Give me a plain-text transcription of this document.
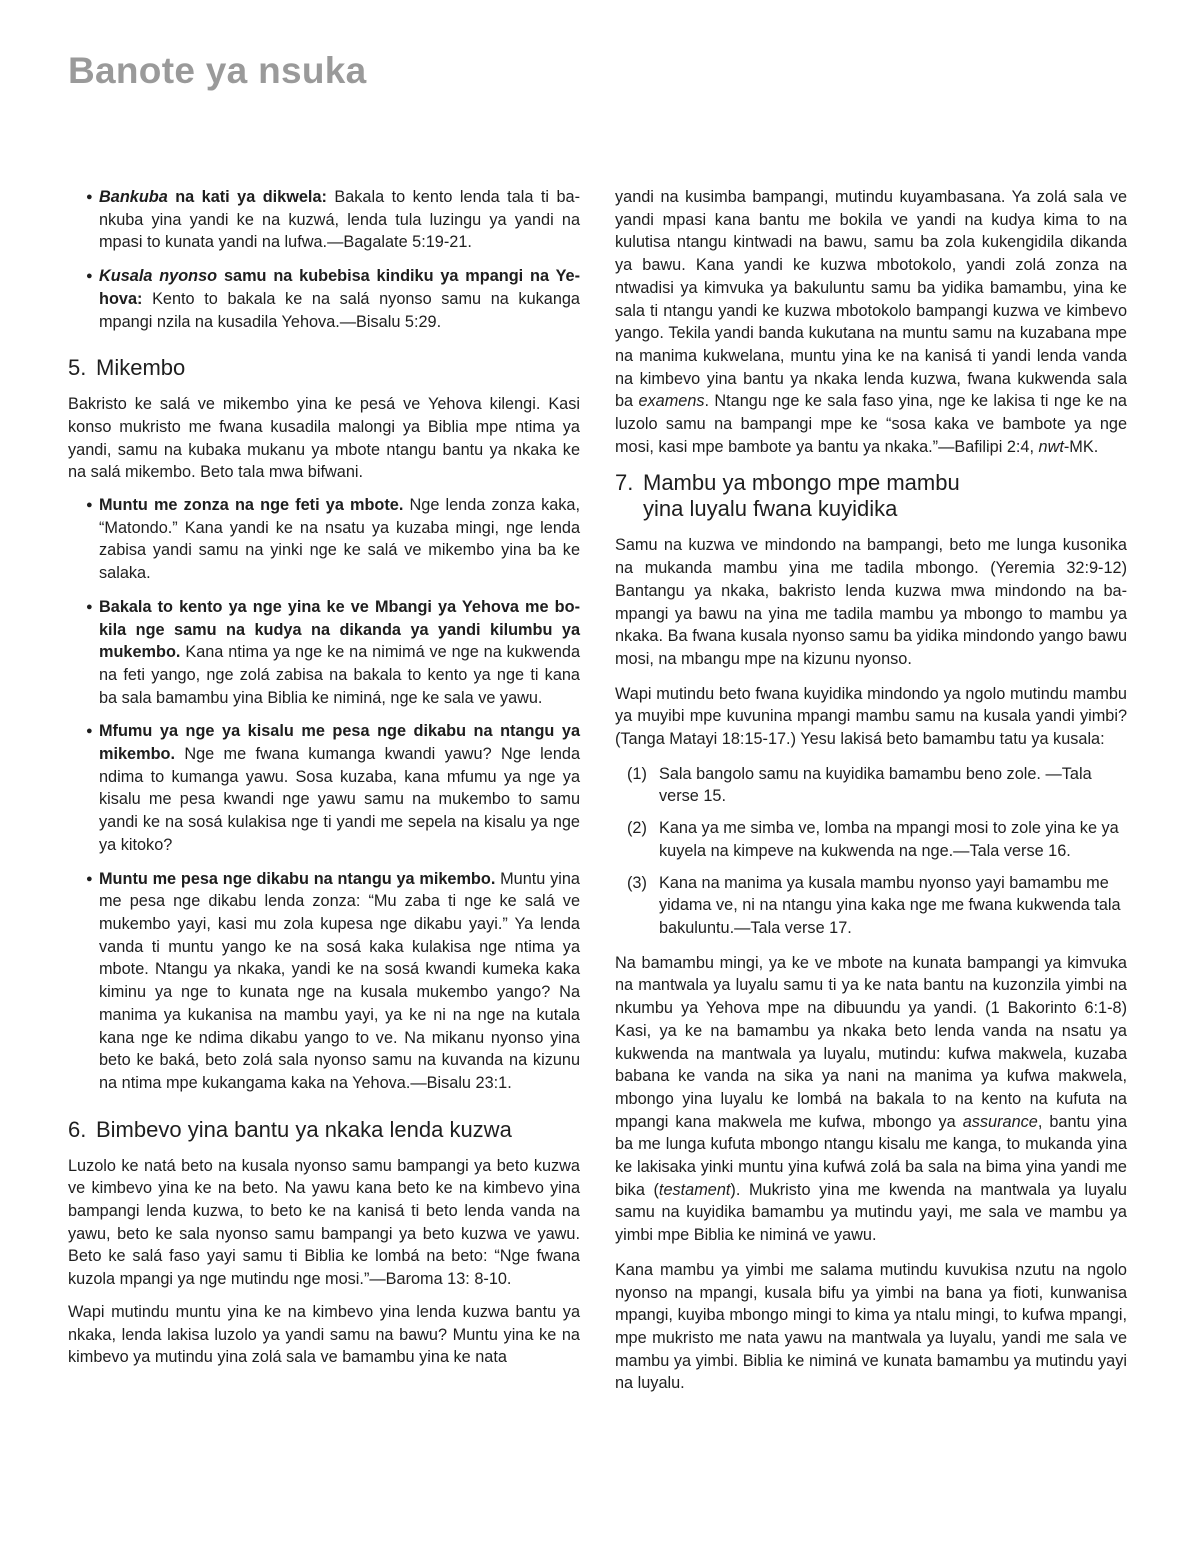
Banote ya nsuka
● Bankuba na kati ya dikwela: Bakala to kento lenda tala ti bankuba yina yandi ke na kuzwá, lenda tula luzingu ya yandi na mpasi to kunata yandi na lufwa.—Bagalate 5:19-21.
● Kusala nyonso samu na kubebisa kindiku ya mpangi na Yehova: Kento to bakala ke na salá nyonso samu na kukanga mpangi nzila na kusadila Yehova.—Bisalu 5:29.
5. Mikembo

Bakristo ke salá ve mikembo yina ke pesá ve Yehova kilengi. Kasi konso mukristo me fwana kusadila malongi ya Biblia mpe ntima ya yandi, samu na kubaka mukanu ya mbote ntangu bantu ya nkaka ke na salá mikembo. Beto tala mwa bifwani.

● Muntu me zonza na nge feti ya mbote. Nge lenda zonza kaka, “Matondo.” Kana yandi ke na nsatu ya kuzaba mingi, nge lenda zabisa yandi samu na yinki nge ke salá ve mikembo yina ba ke salaka.
● Bakala to kento ya nge yina ke ve Mbangi ya Yehova me bokila nge samu na kudya na dikanda ya yandi kilumbu ya mukembo. Kana ntima ya nge ke na nimimá ve nge na kukwenda na feti yango, nge zolá zabisa na bakala to kento ya nge ti kana ba sala bamambu yina Biblia ke niminá, nge ke sala ve yawu.
● Mfumu ya nge ya kisalu me pesa nge dikabu na ntangu ya mikembo. Nge me fwana kumanga kwandi yawu? Nge lenda ndima to kumanga yawu. Sosa kuzaba, kana mfumu ya nge ya kisalu me pesa kwandi nge yawu samu na mukembo to samu yandi ke na sosá kulakisa nge ti yandi me sepela na kisalu ya nge ya kitoko?
● Muntu me pesa nge dikabu na ntangu ya mikembo. Muntu yina me pesa nge dikabu lenda zonza: “Mu zaba ti nge ke salá ve mukembo yayi, kasi mu zola kupesa nge dikabu yayi.” Ya lenda vanda ti muntu yango ke na sosá kaka kulakisa nge ntima ya mbote. Ntangu ya nkaka, yandi ke na sosá kwandi kumeka kaka kiminu ya nge to kunata nge na kusala mukembo yango? Na manima ya kukanisa na mambu yayi, ya ke ni na nge na kutala kana nge ke ndima dikabu yango to ve. Na mikanu nyonso yina beto ke baká, beto zolá sala nyonso samu na kuvanda na kizunu na ntima mpe kukangama kaka na Yehova.—Bisalu 23:1.
6. Bimbevo yina bantu ya nkaka lenda kuzwa

Luzolo ke natá beto na kusala nyonso samu bampangi ya beto kuzwa ve kimbevo yina ke na beto. Na yawu kana beto ke na kimbevo yina bampangi lenda kuzwa, to beto ke na kanisá ti beto lenda vanda na yawu, beto ke sala nyonso samu bampangi ya beto kuzwa ve yawu. Beto ke salá faso yayi samu ti Biblia ke lombá na beto: “Nge fwana kuzola mpangi ya nge mutindu nge mosi.”—Baroma 13: 8-10.

Wapi mutindu muntu yina ke na kimbevo yina lenda kuzwa bantu ya nkaka, lenda lakisa luzolo ya yandi samu na bawu? Muntu yina ke na kimbevo ya mutindu yina zolá sala ve bamambu yina ke nata

yandi na kusimba bampangi, mutindu kuyambasana. Ya zolá sala ve yandi mpasi kana bantu me bokila ve yandi na kudya kima to na kulutisa ntangu kintwadi na bawu, samu ba zola kukengidila dikanda ya bawu. Kana yandi ke kuzwa mbotokolo, yandi zolá zonza na ntwadisi ya kimvuka ya bakuluntu samu ba yidika bamambu, yina ke sala ti ntangu yandi ke kuzwa mbotokolo bampangi kuzwa ve kimbevo yango. Tekila yandi banda kukutana na muntu samu na kuzabana mpe na manima kukwelana, muntu yina ke na kanisá ti yandi lenda vanda na kimbevo yina bantu ya nkaka lenda kuzwa, fwana kukwenda sala ba examens. Ntangu nge ke sala faso yina, nge ke lakisa ti nge ke na luzolo samu na bampangi mpe ke “sosa kaka ve bambote ya nge mosi, kasi mpe bambote ya bantu ya nkaka.”—Bafilipi 2:4, nwt-MK.

7. Mambu ya mbongo mpe mambu
yina luyalu fwana kuyidika

Samu na kuzwa ve mindondo na bampangi, beto me lunga kusonika na mukanda mambu yina me tadila mbongo. (Yeremia 32:9-12) Bantangu ya nkaka, bakristo lenda kuzwa mwa mindondo na bampangi ya bawu na yina me tadila mambu ya mbongo to mambu ya nkaka. Ba fwana kusala nyonso samu ba yidika mindondo yango bawu mosi, na mbangu mpe na kizunu nyonso.

Wapi mutindu beto fwana kuyidika mindondo ya ngolo mutindu mambu ya muyibi mpe kuvunina mpangi mambu samu na kusala yandi yimbi? (Tanga Matayi 18:15-17.) Yesu lakisá beto bamambu tatu ya kusala:

(1) Sala bangolo samu na kuyidika bamambu beno zole. —Tala verse 15.
(2) Kana ya me simba ve, lomba na mpangi mosi to zole yina ke ya kuyela na kimpeve na kukwenda na nge.—Tala verse 16.
(3) Kana na manima ya kusala mambu nyonso yayi bamambu me yidama ve, ni na ntangu yina kaka nge me fwana kukwenda tala bakuluntu.—Tala verse 17.

Na bamambu mingi, ya ke ve mbote na kunata bampangi ya kimvuka na mantwala ya luyalu samu ti ya ke nata bantu na kuzonzila yimbi na nkumbu ya Yehova mpe na dibuundu ya yandi. (1 Bakorinto 6:1-8) Kasi, ya ke na bamambu ya nkaka beto lenda vanda na nsatu ya kukwenda na mantwala ya luyalu, mutindu: kufwa makwela, kuzaba babana ke vanda na sika ya nani na manima ya kufwa makwela, mbongo yina luyalu ke lombá na bakala to na kento na kufuta na mpangi kana makwela me kufwa, mbongo ya assurance, bantu yina ba me lunga kufuta mbongo ntangu kisalu me kanga, to mukanda yina ke lakisaka yinki muntu yina kufwá zolá ba sala na bima yina yandi me bika (testament). Mukristo yina me kwenda na mantwala ya luyalu samu na kuyidika bamambu ya mutindu yayi, me sala ve mambu ya yimbi mpe Biblia ke niminá ve yawu.

Kana mambu ya yimbi me salama mutindu kuvukisa nzutu na ngolo nyonso na mpangi, kusala bifu ya yimbi na bana ya fioti, kunwanisa mpangi, kuyiba mbongo mingi to kima ya ntalu mingi, to kufwa mpangi, mpe mukristo me nata yawu na mantwala ya luyalu, yandi me sala ve mambu ya yimbi. Biblia ke niminá ve kunata bamambu ya mutindu yayi na luyalu.
